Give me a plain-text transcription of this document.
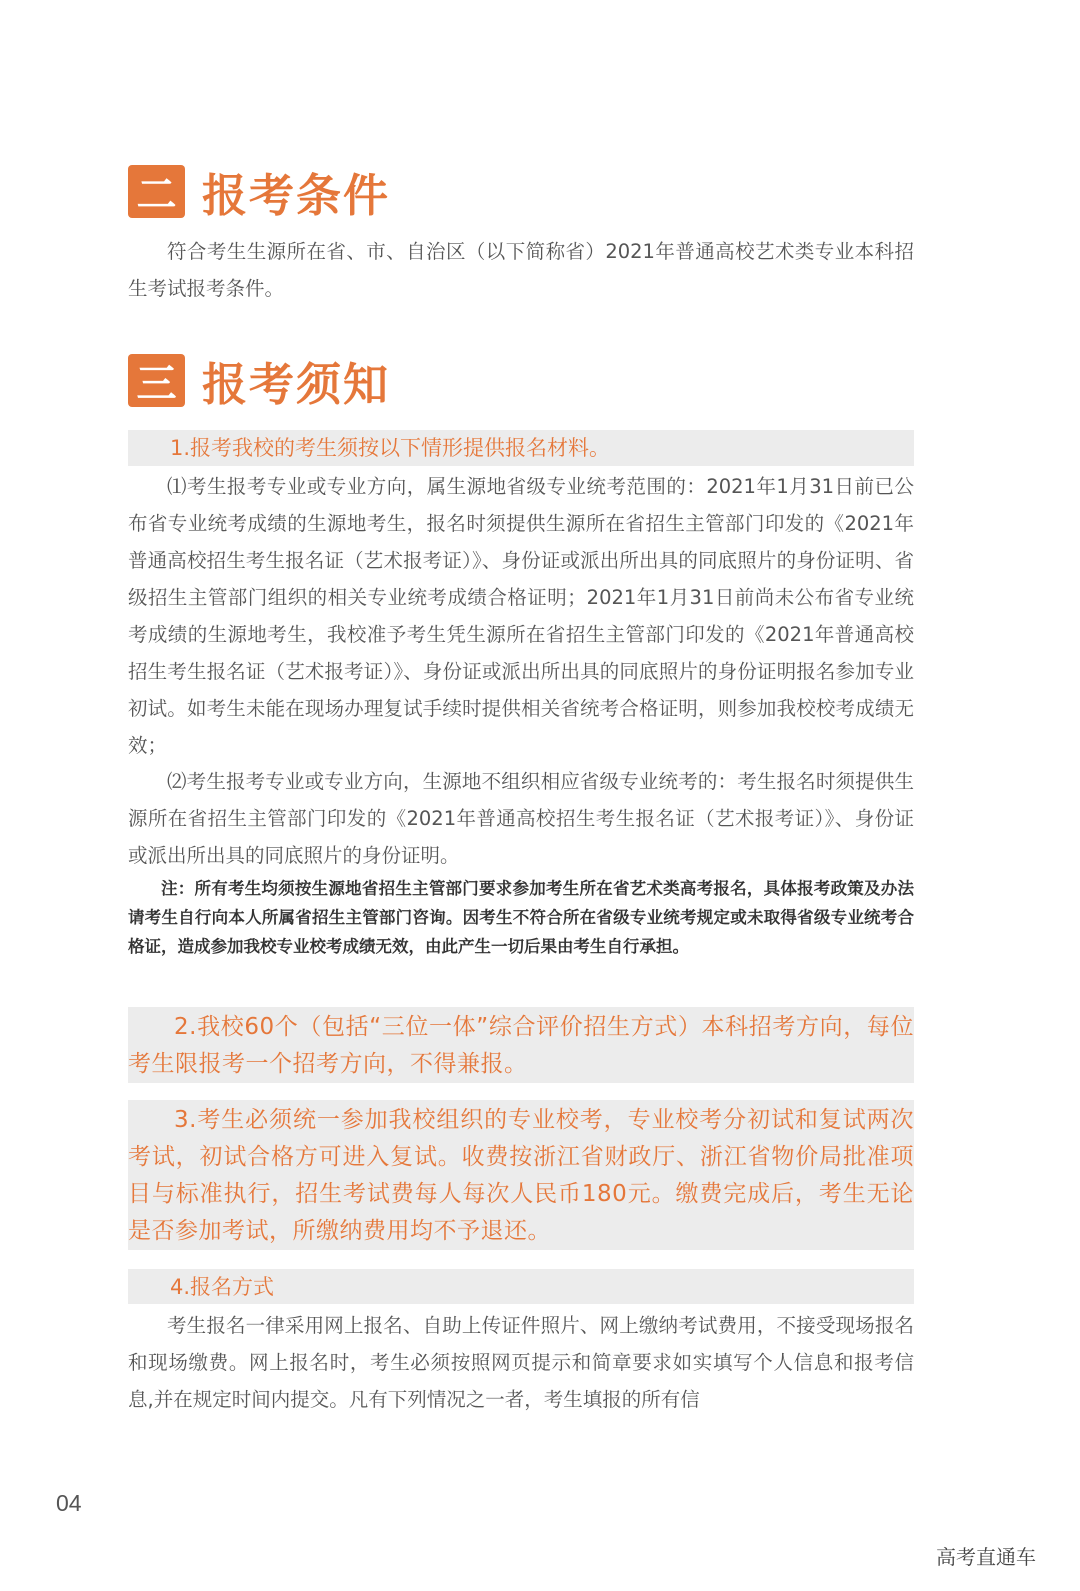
二 报考条件

符合考生生源所在省、市、自治区（以下简称省）2021年普通高校艺术类专业本科招生考试报考条件。

三 报考须知

1.报考我校的考生须按以下情形提供报名材料。

⑴考生报考专业或专业方向，属生源地省级专业统考范围的：2021年1月31日前已公布省专业统考成绩的生源地考生，报名时须提供生源所在省招生主管部门印发的《2021年普通高校招生考生报名证（艺术报考证）》、身份证或派出所出具的同底照片的身份证明、省级招生主管部门组织的相关专业统考成绩合格证明；2021年1月31日前尚未公布省专业统考成绩的生源地考生，我校准予考生凭生源所在省招生主管部门印发的《2021年普通高校招生考生报名证（艺术报考证）》、身份证或派出所出具的同底照片的身份证明报名参加专业初试。如考生未能在现场办理复试手续时提供相关省统考合格证明，则参加我校校考成绩无效；

⑵考生报考专业或专业方向，生源地不组织相应省级专业统考的：考生报名时须提供生源所在省招生主管部门印发的《2021年普通高校招生考生报名证（艺术报考证）》、身份证或派出所出具的同底照片的身份证明。

注：所有考生均须按生源地省招生主管部门要求参加考生所在省艺术类高考报名，具体报考政策及办法请考生自行向本人所属省招生主管部门咨询。因考生不符合所在省级专业统考规定或未取得省级专业统考合格证，造成参加我校专业校考成绩无效，由此产生一切后果由考生自行承担。

2.我校60个（包括“三位一体”综合评价招生方式）本科招考方向，每位考生限报考一个招考方向，不得兼报。

3.考生必须统一参加我校组织的专业校考，专业校考分初试和复试两次考试，初试合格方可进入复试。收费按浙江省财政厅、浙江省物价局批准项目与标准执行，招生考试费每人每次人民币180元。缴费完成后，考生无论是否参加考试，所缴纳费用均不予退还。

4.报名方式

考生报名一律采用网上报名、自助上传证件照片、网上缴纳考试费用，不接受现场报名和现场缴费。网上报名时，考生必须按照网页提示和简章要求如实填写个人信息和报考信息,并在规定时间内提交。凡有下列情况之一者，考生填报的所有信

04
高考直通车
